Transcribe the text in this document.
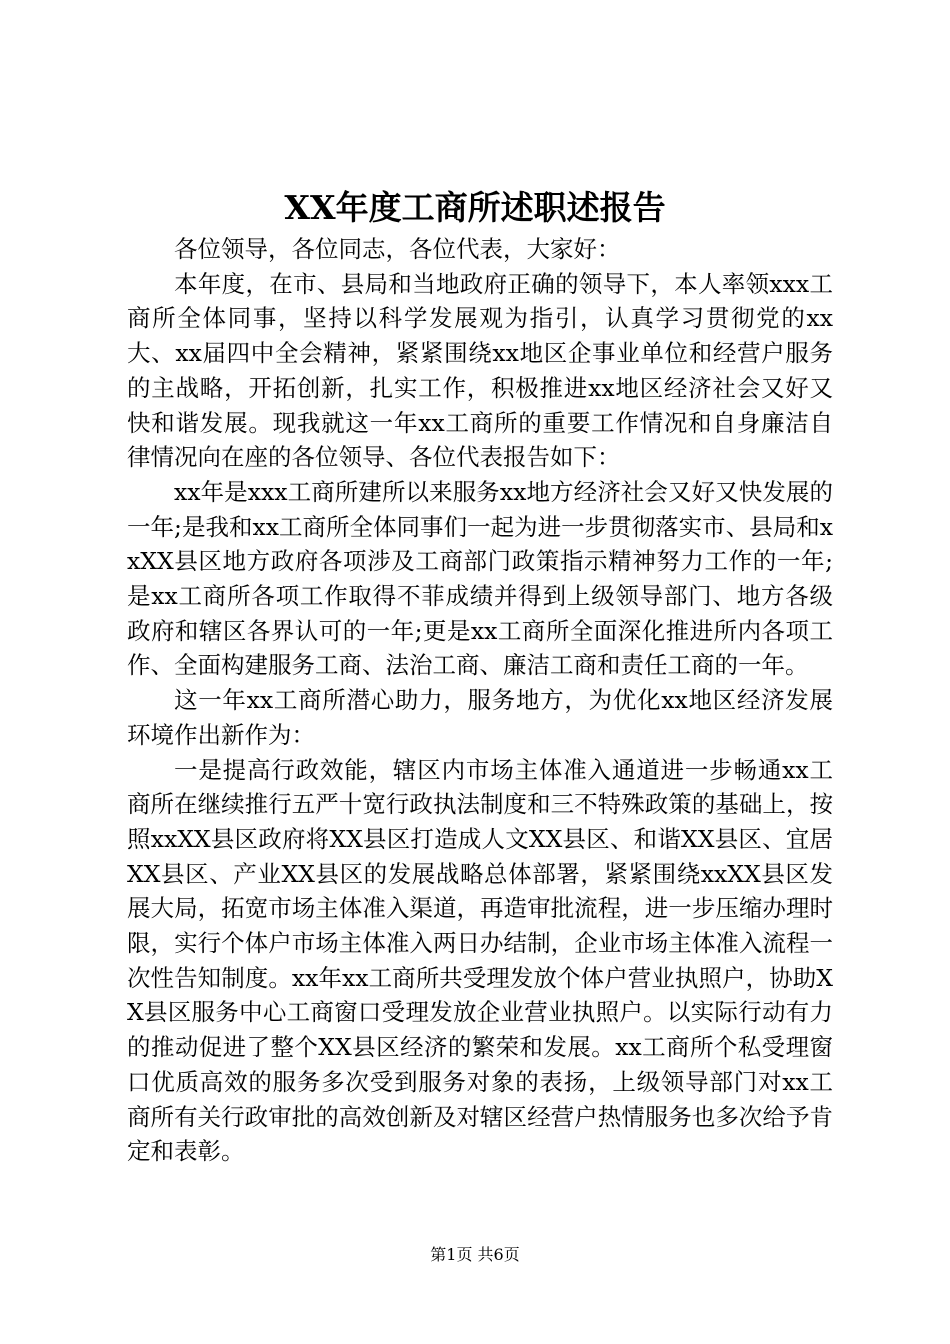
XX年度工商所述职述报告

各位领导，各位同志，各位代表，大家好：

本年度，在市、县局和当地政府正确的领导下，本人率领xxx工商所全体同事，坚持以科学发展观为指引，认真学习贯彻党的xx大、xx届四中全会精神，紧紧围绕xx地区企事业单位和经营户服务的主战略，开拓创新，扎实工作，积极推进xx地区经济社会又好又快和谐发展。现我就这一年xx工商所的重要工作情况和自身廉洁自律情况向在座的各位领导、各位代表报告如下：

xx年是xxx工商所建所以来服务xx地方经济社会又好又快发展的一年;是我和xx工商所全体同事们一起为进一步贯彻落实市、县局和xxXX县区地方政府各项涉及工商部门政策指示精神努力工作的一年;是xx工商所各项工作取得不菲成绩并得到上级领导部门、地方各级政府和辖区各界认可的一年;更是xx工商所全面深化推进所内各项工作、全面构建服务工商、法治工商、廉洁工商和责任工商的一年。

这一年xx工商所潜心助力，服务地方，为优化xx地区经济发展环境作出新作为：

一是提高行政效能，辖区内市场主体准入通道进一步畅通xx工商所在继续推行五严十宽行政执法制度和三不特殊政策的基础上，按照xxXX县区政府将XX县区打造成人文XX县区、和谐XX县区、宜居XX县区、产业XX县区的发展战略总体部署，紧紧围绕xxXX县区发展大局，拓宽市场主体准入渠道，再造审批流程，进一步压缩办理时限，实行个体户市场主体准入两日办结制，企业市场主体准入流程一次性告知制度。xx年xx工商所共受理发放个体户营业执照户，协助XX县区服务中心工商窗口受理发放企业营业执照户。以实际行动有力的推动促进了整个XX县区经济的繁荣和发展。xx工商所个私受理窗口优质高效的服务多次受到服务对象的表扬，上级领导部门对xx工商所有关行政审批的高效创新及对辖区经营户热情服务也多次给予肯定和表彰。

第1页 共6页
